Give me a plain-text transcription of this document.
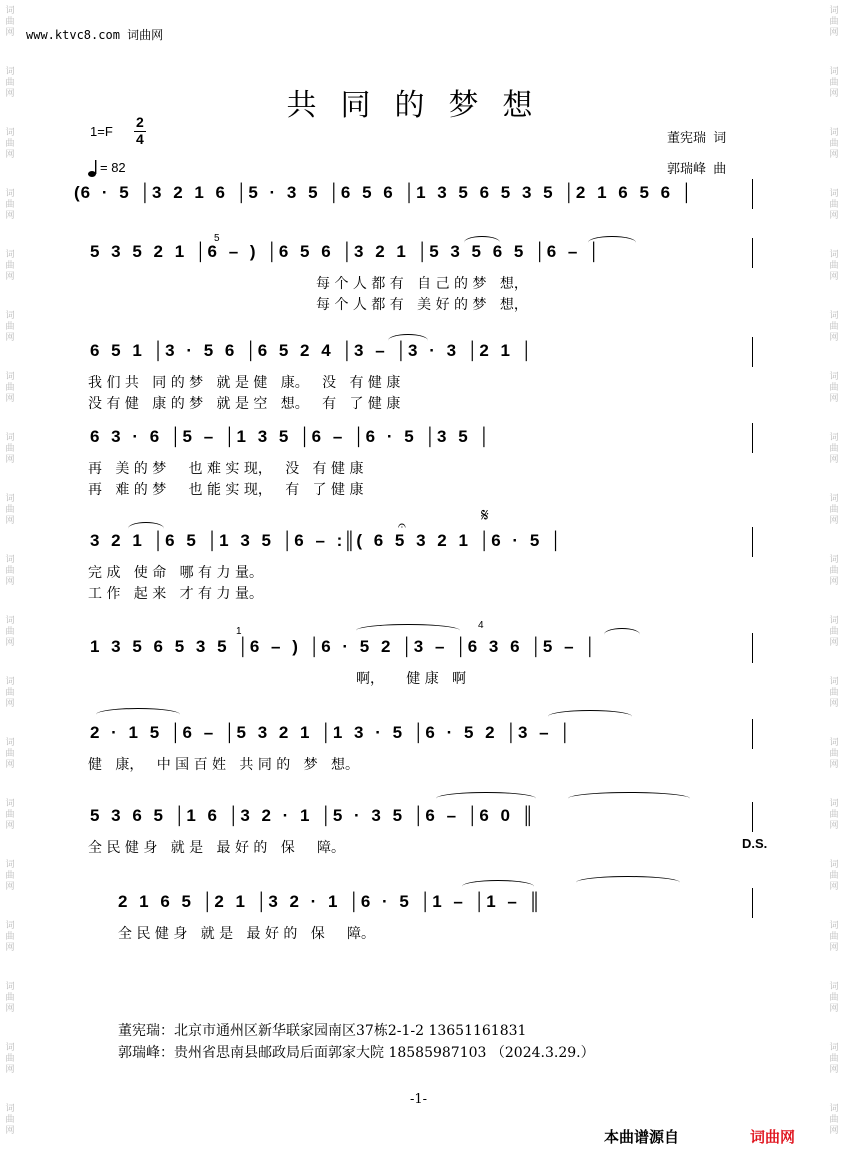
词
曲
网
词
曲
网
词
曲
网
词
曲
网
词
曲
网
词
曲
网
词
曲
网
词
曲
网
词
曲
网
词
曲
网
词
曲
网
词
曲
网
词
曲
网
词
曲
网
词
曲
网
词
曲
网
词
曲
网
词
曲
网
词
曲
网
词
曲
网
词
曲
网
词
曲
网
词
曲
网
词
曲
网
词
曲
网
词
曲
网
词
曲
网
词
曲
网
词
曲
网
词
曲
网
词
曲
网
词
曲
网
词
曲
网
词
曲
网
词
曲
网
词
曲
网
词
曲
网
词
曲
网
www.ktvc8.com 词曲网
共同的梦想
1=F
2
4
= 82
董宪瑞  词
郭瑞峰  曲
(6 · 5 │3 2 1 6 │5 · 3 5 │6 5 6 │1 3 5 6 5 3 5 │2 1 6 5 6 │
5 3 5 2 1 │6 – ) │6 5 6 │3 2 1 │5 3 5 6 5 │6 – │
每 个 人 都 有   自 己 的 梦   想，
每 个 人 都 有   美 好 的 梦   想，
6 5 1 │3 · 5 6 │6 5 2 4 │3 – │3 · 3 │2 1 │
我 们 共   同 的 梦   就 是 健   康。   没   有 健 康
没 有 健   康 的 梦   就 是 空   想。   有   了 健 康
6 3 · 6 │5 – │1 3 5 │6 – │6 · 5 │3 5 │
再   美 的 梦     也 难 实 现，   没   有 健 康
再   难 的 梦     也 能 实 现，   有   了 健 康
3 2 1 │6 5 │1 3 5 │6 – :║( 6 5 3 2 1 │6 · 5 │
完 成   使 命   哪 有 力 量。
工 作   起 来   才 有 力 量。
1 3 5 6 5 3 5 │6 – ) │6 · 5 2 │3 – │6 3 6 │5 – │
啊，     健 康   啊
2 · 1 5 │6 – │5 3 2 1 │1 3 · 5 │6 · 5 2 │3 – │
健   康，   中 国 百 姓   共 同 的   梦   想。
5 3 6 5 │1 6 │3 2 · 1 │5 · 3 5 │6 – │6 0 ║
全 民 健 身   就 是   最 好 的   保     障。
2 1 6 5 │2 1 │3 2 · 1 │6 · 5 │1 – │1 – ║
全 民 健 身   就 是   最 好 的   保     障。
5
𝄋
𝄐
1
4
D.S.
董宪瑞：北京市通州区新华联家园南区37栋2-1-2 13651161831
郭瑞峰：贵州省思南县邮政局后面郭家大院 18585987103 （2024.3.29.）
-1-
本曲谱源自	词曲网
